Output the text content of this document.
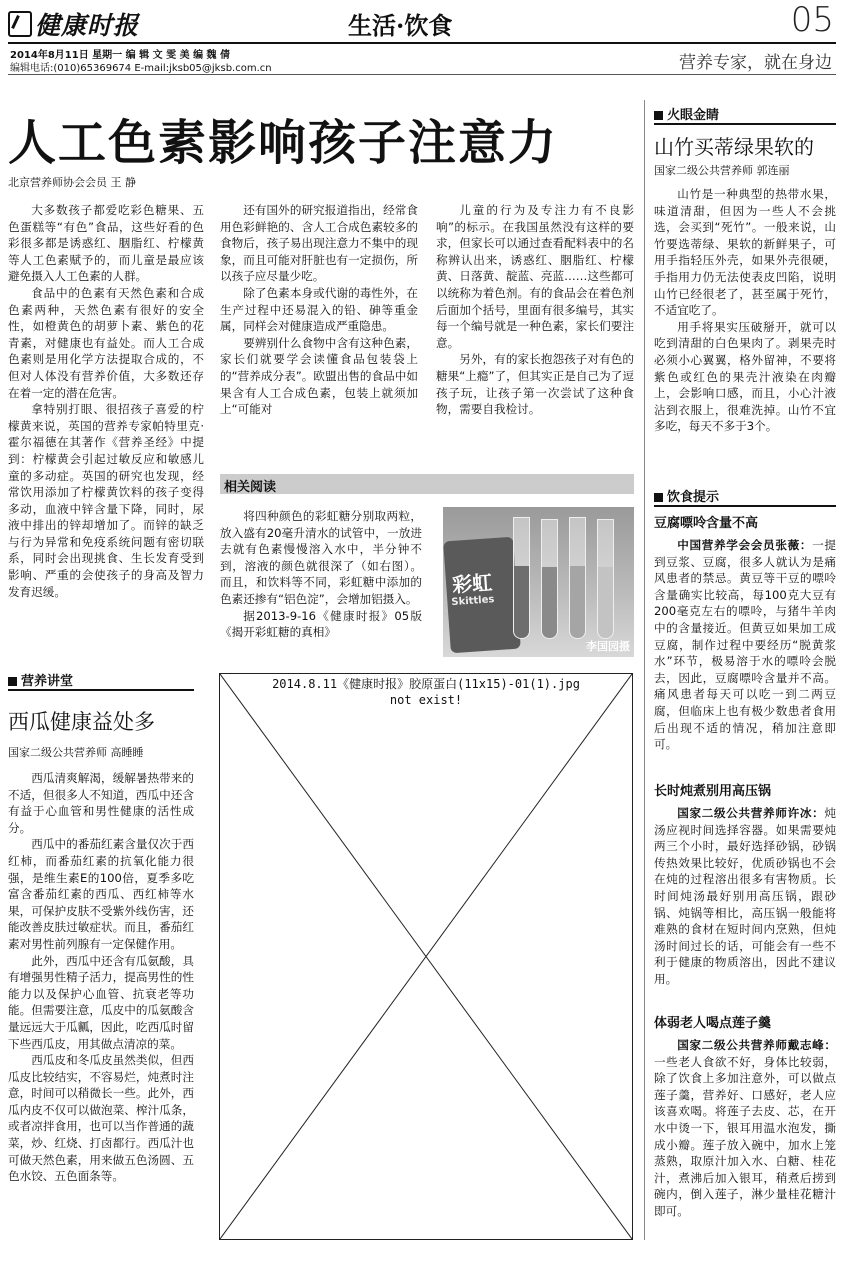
健康时报	生活·饮食	05
2014年8月11日 星期一 编 辑 文 雯 美 编 魏 倩
编辑电话:(010)65369674 E-mail:jksb05@jksb.com.cn	营养专家，就在身边
人工色素影响孩子注意力
北京营养师协会会员 王 静

大多数孩子都爱吃彩色糖果、五色蛋糕等“有色”食品，这些好看的色彩很多都是诱惑红、胭脂红、柠檬黄等人工色素赋予的，而儿童是最应该避免摄入人工色素的人群。

食品中的色素有天然色素和合成色素两种，天然色素有很好的安全性，如橙黄色的胡萝卜素、紫色的花青素，对健康也有益处。而人工合成色素则是用化学方法提取合成的，不但对人体没有营养价值，大多数还存在着一定的潜在危害。

拿特别打眼、很招孩子喜爱的柠檬黄来说，英国的营养专家帕特里克·霍尔福德在其著作《营养圣经》中提到：柠檬黄会引起过敏反应和敏感儿童的多动症。英国的研究也发现，经常饮用添加了柠檬黄饮料的孩子变得多动，血液中锌含量下降，同时，尿液中排出的锌却增加了。而锌的缺乏与行为异常和免疫系统问题有密切联系，同时会出现挑食、生长发育受到影响、严重的会使孩子的身高及智力发育迟缓。

还有国外的研究报道指出，经常食用色彩鲜艳的、含人工合成色素较多的食物后，孩子易出现注意力不集中的现象，而且可能对肝脏也有一定损伤，所以孩子应尽量少吃。

除了色素本身或代谢的毒性外，在生产过程中还易混入的铅、砷等重金属，同样会对健康造成严重隐患。

要辨别什么食物中含有这种色素，家长们就要学会读懂食品包装袋上的“营养成分表”。欧盟出售的食品中如果含有人工合成色素，包装上就须加上“可能对

儿童的行为及专注力有不良影响”的标示。在我国虽然没有这样的要求，但家长可以通过查看配料表中的名称辨认出来，诱惑红、胭脂红、柠檬黄、日落黄、靛蓝、亮蓝……这些都可以统称为着色剂。有的食品会在着色剂后面加个括号，里面有很多编号，其实每一个编号就是一种色素，家长们要注意。

另外，有的家长抱怨孩子对有色的糖果“上瘾”了，但其实正是自己为了逗孩子玩，让孩子第一次尝试了这种食物，需要自我检讨。

相关阅读

将四种颜色的彩虹糖分别取两粒，放入盛有20毫升清水的试管中，一放进去就有色素慢慢溶入水中，半分钟不到，溶液的颜色就很深了（如右图）。而且，和饮料等不同，彩虹糖中添加的色素还掺有“铝色淀”，会增加铝摄入。

据2013-9-16《健康时报》05版《揭开彩虹糖的真相》

彩虹
Skittles
李国园摄
2014.8.11《健康时报》胶原蛋白(11x15)-01(1).jpg
not exist!
营养讲堂
西瓜健康益处多
国家二级公共营养师 高睡睡

西瓜清爽解渴，缓解暑热带来的不适，但很多人不知道，西瓜中还含有益于心血管和男性健康的活性成分。

西瓜中的番茄红素含量仅次于西红柿，而番茄红素的抗氧化能力很强，是维生素E的100倍，夏季多吃富含番茄红素的西瓜、西红柿等水果，可保护皮肤不受紫外线伤害，还能改善皮肤过敏症状。而且，番茄红素对男性前列腺有一定保健作用。

此外，西瓜中还含有瓜氨酸，具有增强男性精子活力，提高男性的性能力以及保护心血管、抗衰老等功能。但需要注意，瓜皮中的瓜氨酸含量远远大于瓜瓤，因此，吃西瓜时留下些西瓜皮，用其做点清凉的菜。

西瓜皮和冬瓜皮虽然类似，但西瓜皮比较结实，不容易烂，炖煮时注意，时间可以稍微长一些。此外，西瓜内皮不仅可以做泡菜、榨汁瓜条，或者凉拌食用，也可以当作普通的蔬菜，炒、红烧、打卤都行。西瓜汁也可做天然色素，用来做五色汤圆、五色水饺、五色面条等。

火眼金睛
山竹买蒂绿果软的
国家二级公共营养师 郭连丽

山竹是一种典型的热带水果，味道清甜，但因为一些人不会挑选，会买到“死竹”。一般来说，山竹要选蒂绿、果软的新鲜果子，可用手指轻压外壳，如果外壳很硬，手指用力仍无法使表皮凹陷，说明山竹已经很老了，甚至属于死竹，不适宜吃了。

用手将果实压破掰开，就可以吃到清甜的白色果肉了。剥果壳时必须小心翼翼，格外留神，不要将紫色或红色的果壳汁液染在肉瓣上，会影响口感，而且，小心汁液沾到衣服上，很难洗掉。山竹不宜多吃，每天不多于3个。

饮食提示
豆腐嘌呤含量不高
中国营养学会会员张薇：一提到豆浆、豆腐，很多人就认为是痛风患者的禁忌。黄豆等干豆的嘌呤含量确实比较高，每100克大豆有200毫克左右的嘌呤，与猪牛羊肉中的含量接近。但黄豆如果加工成豆腐，制作过程中要经历“脱黄浆水”环节，极易溶于水的嘌呤会脱去，因此，豆腐嘌呤含量并不高。痛风患者每天可以吃一到二两豆腐，但临床上也有极少数患者食用后出现不适的情况，稍加注意即可。
长时炖煮别用高压锅
国家二级公共营养师许冰：炖汤应视时间选择容器。如果需要炖两三个小时，最好选择砂锅，砂锅传热效果比较好，优质砂锅也不会在炖的过程溶出很多有害物质。长时间炖汤最好别用高压锅，跟砂锅、炖锅等相比，高压锅一般能将难熟的食材在短时间内烹熟，但炖汤时间过长的话，可能会有一些不利于健康的物质溶出，因此不建议用。
体弱老人喝点莲子羹
国家二级公共营养师戴志峰：一些老人食欲不好，身体比较弱，除了饮食上多加注意外，可以做点莲子羹，营养好、口感好，老人应该喜欢喝。将莲子去皮、芯，在开水中烫一下，银耳用温水泡发，撕成小瓣。莲子放入碗中，加水上笼蒸熟，取原汁加入水、白糖、桂花汁，煮沸后加入银耳，稍煮后捞到碗内，倒入莲子，淋少量桂花糖汁即可。
